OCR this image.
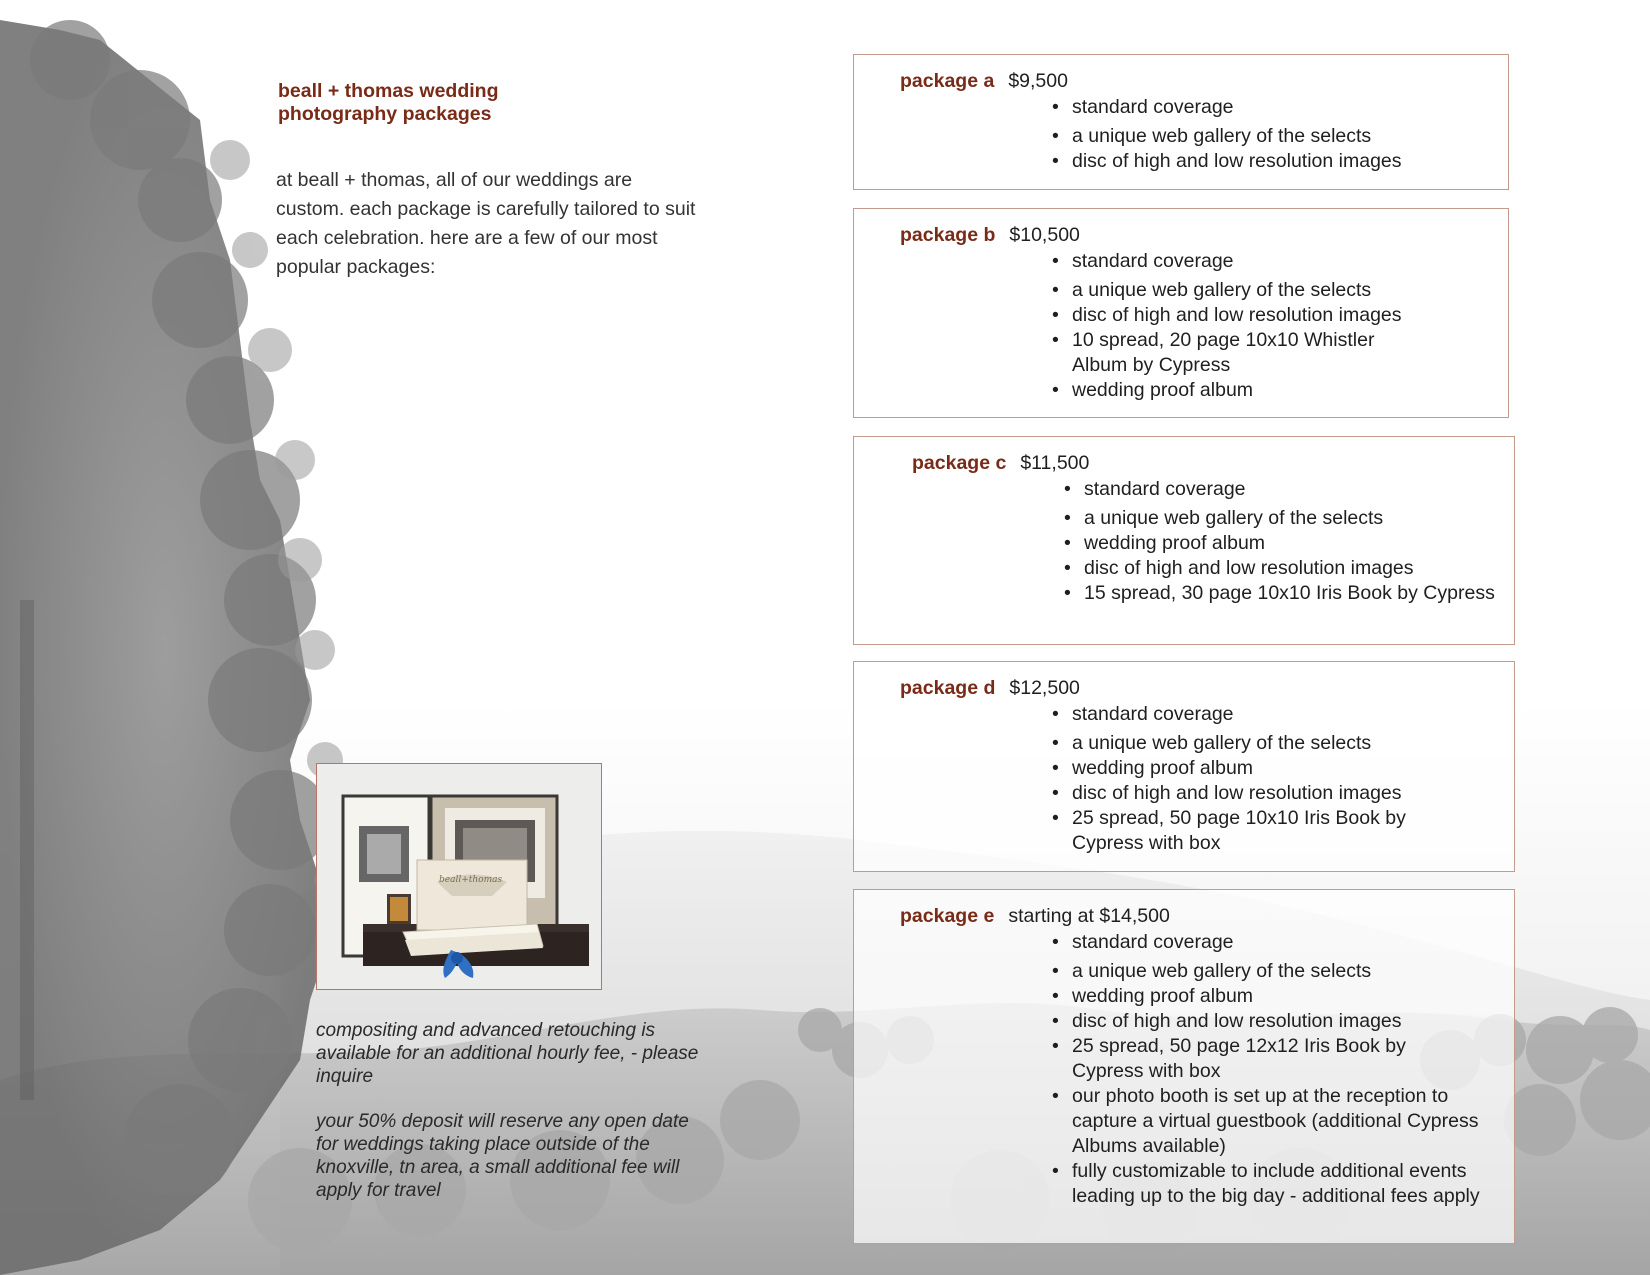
beall + thomas wedding
photography packages
at beall + thomas, all of our weddings are custom. each package is carefully tailored to suit each celebration. here are a few of our most popular packages:
beall+thomas
compositing and advanced retouching is available for an additional hourly fee, - please inquire
your 50% deposit will reserve any open date for weddings taking place outside of the knoxville, tn area, a small additional fee will apply for travel
package a $9,500
• standard coverage
• a unique web gallery of the selects
• disc of high and low resolution images
package b $10,500
• standard coverage
• a unique web gallery of the selects
• disc of high and low resolution images
• 10 spread, 20 page 10x10 Whistler Album by Cypress
• wedding proof album
package c $11,500
• standard coverage
• a unique web gallery of the selects
• wedding proof album
• disc of high and low resolution images
• 15 spread, 30 page 10x10 Iris Book by Cypress
package d $12,500
• standard coverage
• a unique web gallery of the selects
• wedding proof album
• disc of high and low resolution images
• 25 spread, 50 page 10x10 Iris Book by Cypress with box
package e starting at $14,500
• standard coverage
• a unique web gallery of the selects
• wedding proof album
• disc of high and low resolution images
• 25 spread, 50 page 12x12 Iris Book by Cypress with box
• our photo booth is set up at the reception to capture a virtual guestbook (additional Cypress Albums available)
• fully customizable to include additional events leading up to the big day - additional fees apply
